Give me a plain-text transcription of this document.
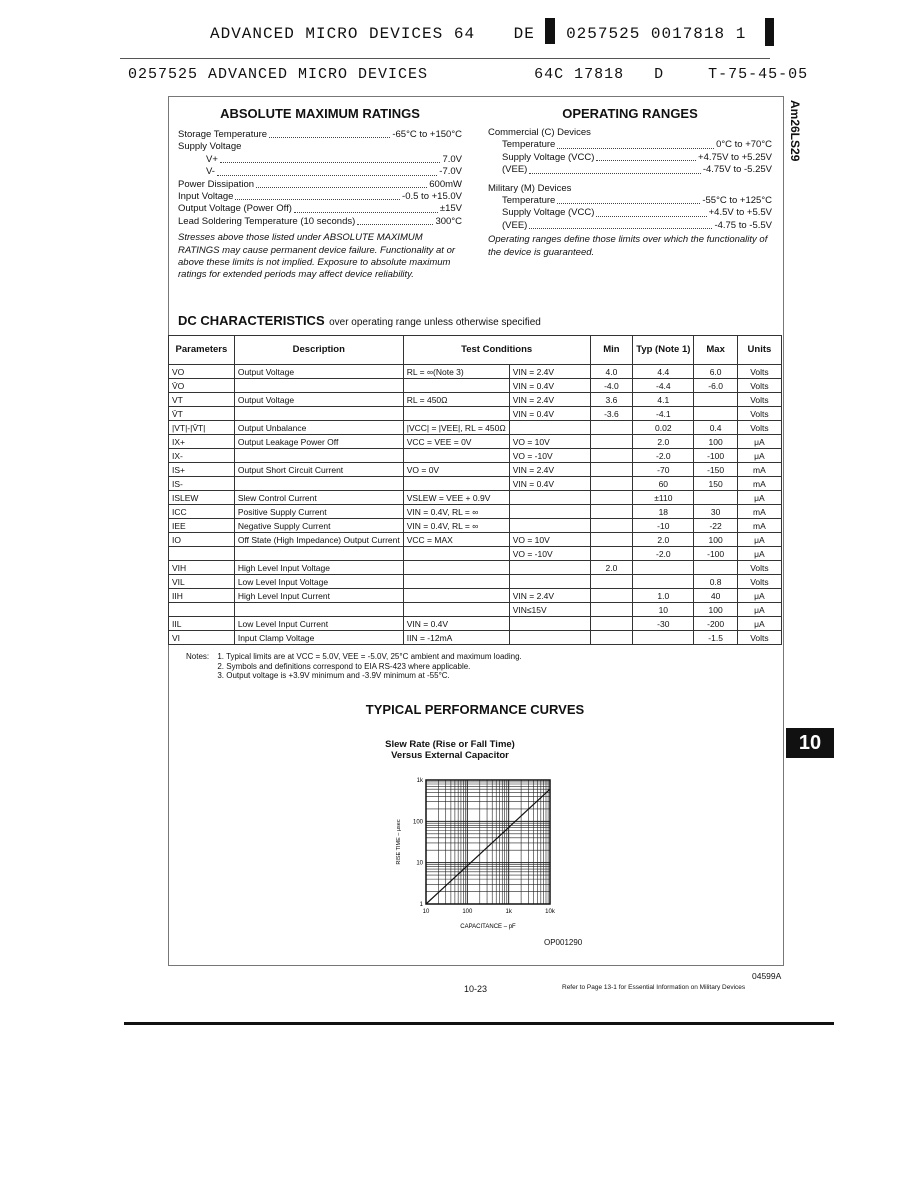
ADVANCED MICRO DEVICES 64 DE 0257525 0017818 1
0257525 ADVANCED MICRO DEVICES	64C 17818 D	T-75-45-05
Am26LS29
10
ABSOLUTE MAXIMUM RATINGS
Storage Temperature	-65°C to +150°C
Supply Voltage
V+	7.0V
V-	-7.0V
Power Dissipation	600mW
Input Voltage	-0.5 to +15.0V
Output Voltage (Power Off)	±15V
Lead Soldering Temperature (10 seconds)	300°C
Stresses above those listed under ABSOLUTE MAXIMUM RATINGS may cause permanent device failure. Functionality at or above these limits is not implied. Exposure to absolute maximum ratings for extended periods may affect device reliability.
OPERATING RANGES
Commercial (C) Devices
Temperature	0°C to +70°C
Supply Voltage (VCC)	+4.75V to +5.25V
(VEE)	-4.75V to -5.25V
Military (M) Devices
Temperature	-55°C to +125°C
Supply Voltage (VCC)	+4.5V to +5.5V
(VEE)	-4.75 to -5.5V
Operating ranges define those limits over which the functionality of the device is guaranteed.
DC CHARACTERISTICS over operating range unless otherwise specified
Parameters	Description	Test Conditions		Min	Typ (Note 1)	Max	Units
VO	Output Voltage	RL = ∞(Note 3)	VIN = 2.4V	4.0	4.4	6.0	Volts
V̄O			VIN = 0.4V	-4.0	-4.4	-6.0	Volts
VT	Output Voltage	RL = 450Ω	VIN = 2.4V	3.6	4.1		Volts
V̄T			VIN = 0.4V	-3.6	-4.1		Volts
|VT|-|V̄T|	Output Unbalance	|VCC| = |VEE|, RL = 450Ω			0.02	0.4	Volts
IX+	Output Leakage Power Off	VCC = VEE = 0V	VO = 10V		2.0	100	μA
IX-			VO = -10V		-2.0	-100	μA
IS+	Output Short Circuit Current	VO = 0V	VIN = 2.4V		-70	-150	mA
IS-			VIN = 0.4V		60	150	mA
ISLEW	Slew Control Current	VSLEW = VEE + 0.9V			±110		μA
ICC	Positive Supply Current	VIN = 0.4V, RL = ∞			18	30	mA
IEE	Negative Supply Current	VIN = 0.4V, RL = ∞			-10	-22	mA
IO	Off State (High Impedance) Output Current	VCC = MAX	VO = 10V		2.0	100	μA
			VO = -10V		-2.0	-100	μA
VIH	High Level Input Voltage			2.0			Volts
VIL	Low Level Input Voltage					0.8	Volts
IIH	High Level Input Current		VIN = 2.4V		1.0	40	μA
			VIN≤15V		10	100	μA
IIL	Low Level Input Current	VIN = 0.4V			-30	-200	μA
VI	Input Clamp Voltage	IIN = -12mA				-1.5	Volts
Notes: 1. Typical limits are at VCC = 5.0V, VEE = -5.0V, 25°C ambient and maximum loading.
2. Symbols and definitions correspond to EIA RS-423 where applicable.
3. Output voltage is +3.9V minimum and -3.9V minimum at -55°C.
TYPICAL PERFORMANCE CURVES
Slew Rate (Rise or Fall Time)
Versus External Capacitor
1k
100
10
1
10	100	1k	10k
RISE TIME – μsec
CAPACITANCE – pF
OP001290
04599A
10-23	Refer to Page 13-1 for Essential Information on Military Devices
